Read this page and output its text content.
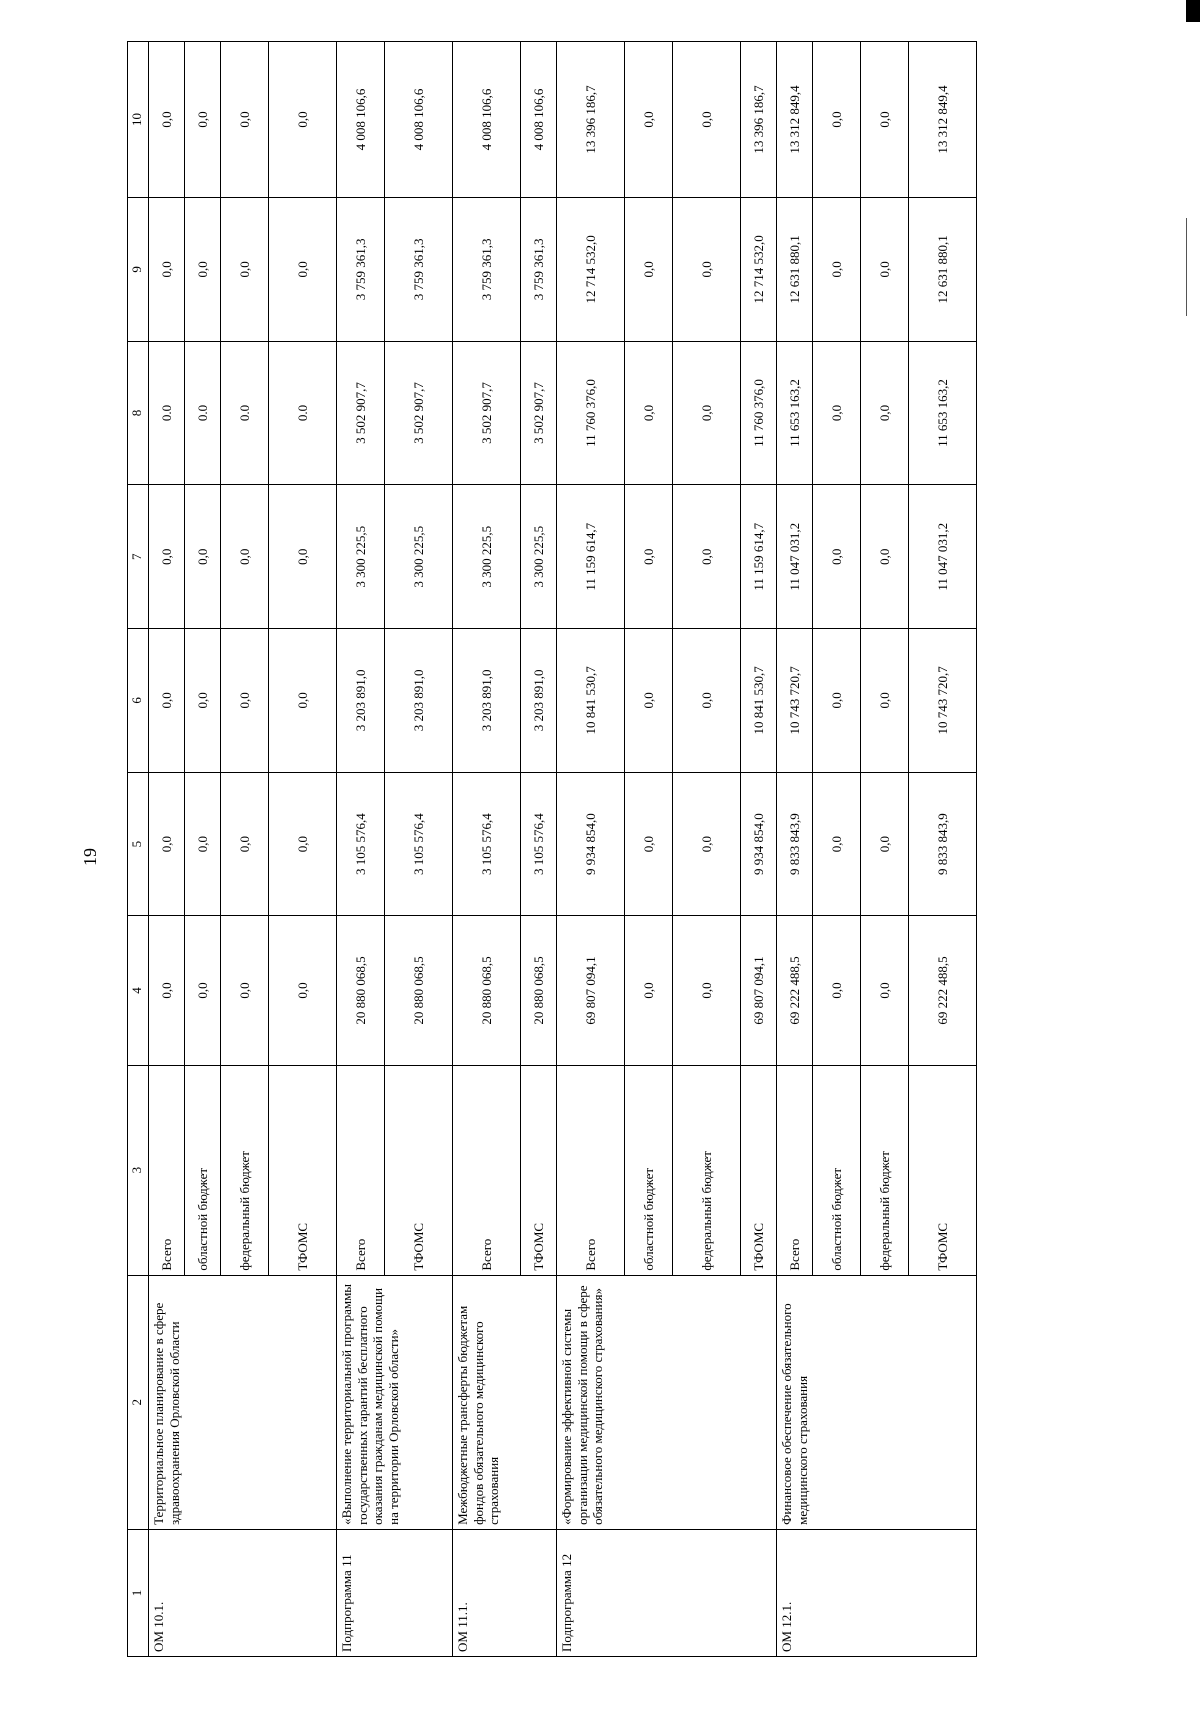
19
1	2	3	4	5	6	7	8	9	10
ОМ 10.1.	Территориальное планирование в сфере здравоохранения Орловской области	Всего	0,0	0,0	0,0	0,0	0.0	0,0	0,0
		областной бюджет	0,0	0,0	0,0	0,0	0.0	0,0	0,0
		федеральный бюджет	0,0	0,0	0,0	0,0	0.0	0,0	0,0
		ТФОМС	0,0	0,0	0,0	0,0	0.0	0,0	0,0
Подпрограмма 11	«Выполнение территориальной программы государственных гарантий бесплатного оказания гражданам медицинской помощи на территории Орловской области»	Всего	20 880 068,5	3 105 576,4	3 203 891,0	3 300 225,5	3 502 907,7	3 759 361,3	4 008 106,6
		ТФОМС	20 880 068,5	3 105 576,4	3 203 891,0	3 300 225,5	3 502 907,7	3 759 361,3	4 008 106,6
ОМ 11.1.	Межбюджетные трансферты бюджетам фондов обязательного медицинского страхования	Всего	20 880 068,5	3 105 576,4	3 203 891,0	3 300 225,5	3 502 907,7	3 759 361,3	4 008 106,6
		ТФОМС	20 880 068,5	3 105 576,4	3 203 891,0	3 300 225,5	3 502 907,7	3 759 361,3	4 008 106,6
Подпрограмма 12	«Формирование эффективной системы организации медицинской помощи в сфере обязательного медицинского страхования»	Всего	69 807 094,1	9 934 854,0	10 841 530,7	11 159 614,7	11 760 376,0	12 714 532,0	13 396 186,7
		областной бюджет	0,0	0,0	0,0	0,0	0,0	0,0	0,0
		федеральный бюджет	0,0	0,0	0,0	0,0	0,0	0,0	0,0
		ТФОМС	69 807 094,1	9 934 854,0	10 841 530,7	11 159 614,7	11 760 376,0	12 714 532,0	13 396 186,7
ОМ 12.1.	Финансовое обеспечение обязательного медицинского страхования	Всего	69 222 488,5	9 833 843,9	10 743 720,7	11 047 031,2	11 653 163,2	12 631 880,1	13 312 849,4
		областной бюджет	0,0	0,0	0,0	0,0	0,0	0,0	0,0
		федеральный бюджет	0,0	0,0	0,0	0,0	0,0	0,0	0,0
		ТФОМС	69 222 488,5	9 833 843,9	10 743 720,7	11 047 031,2	11 653 163,2	12 631 880,1	13 312 849,4
